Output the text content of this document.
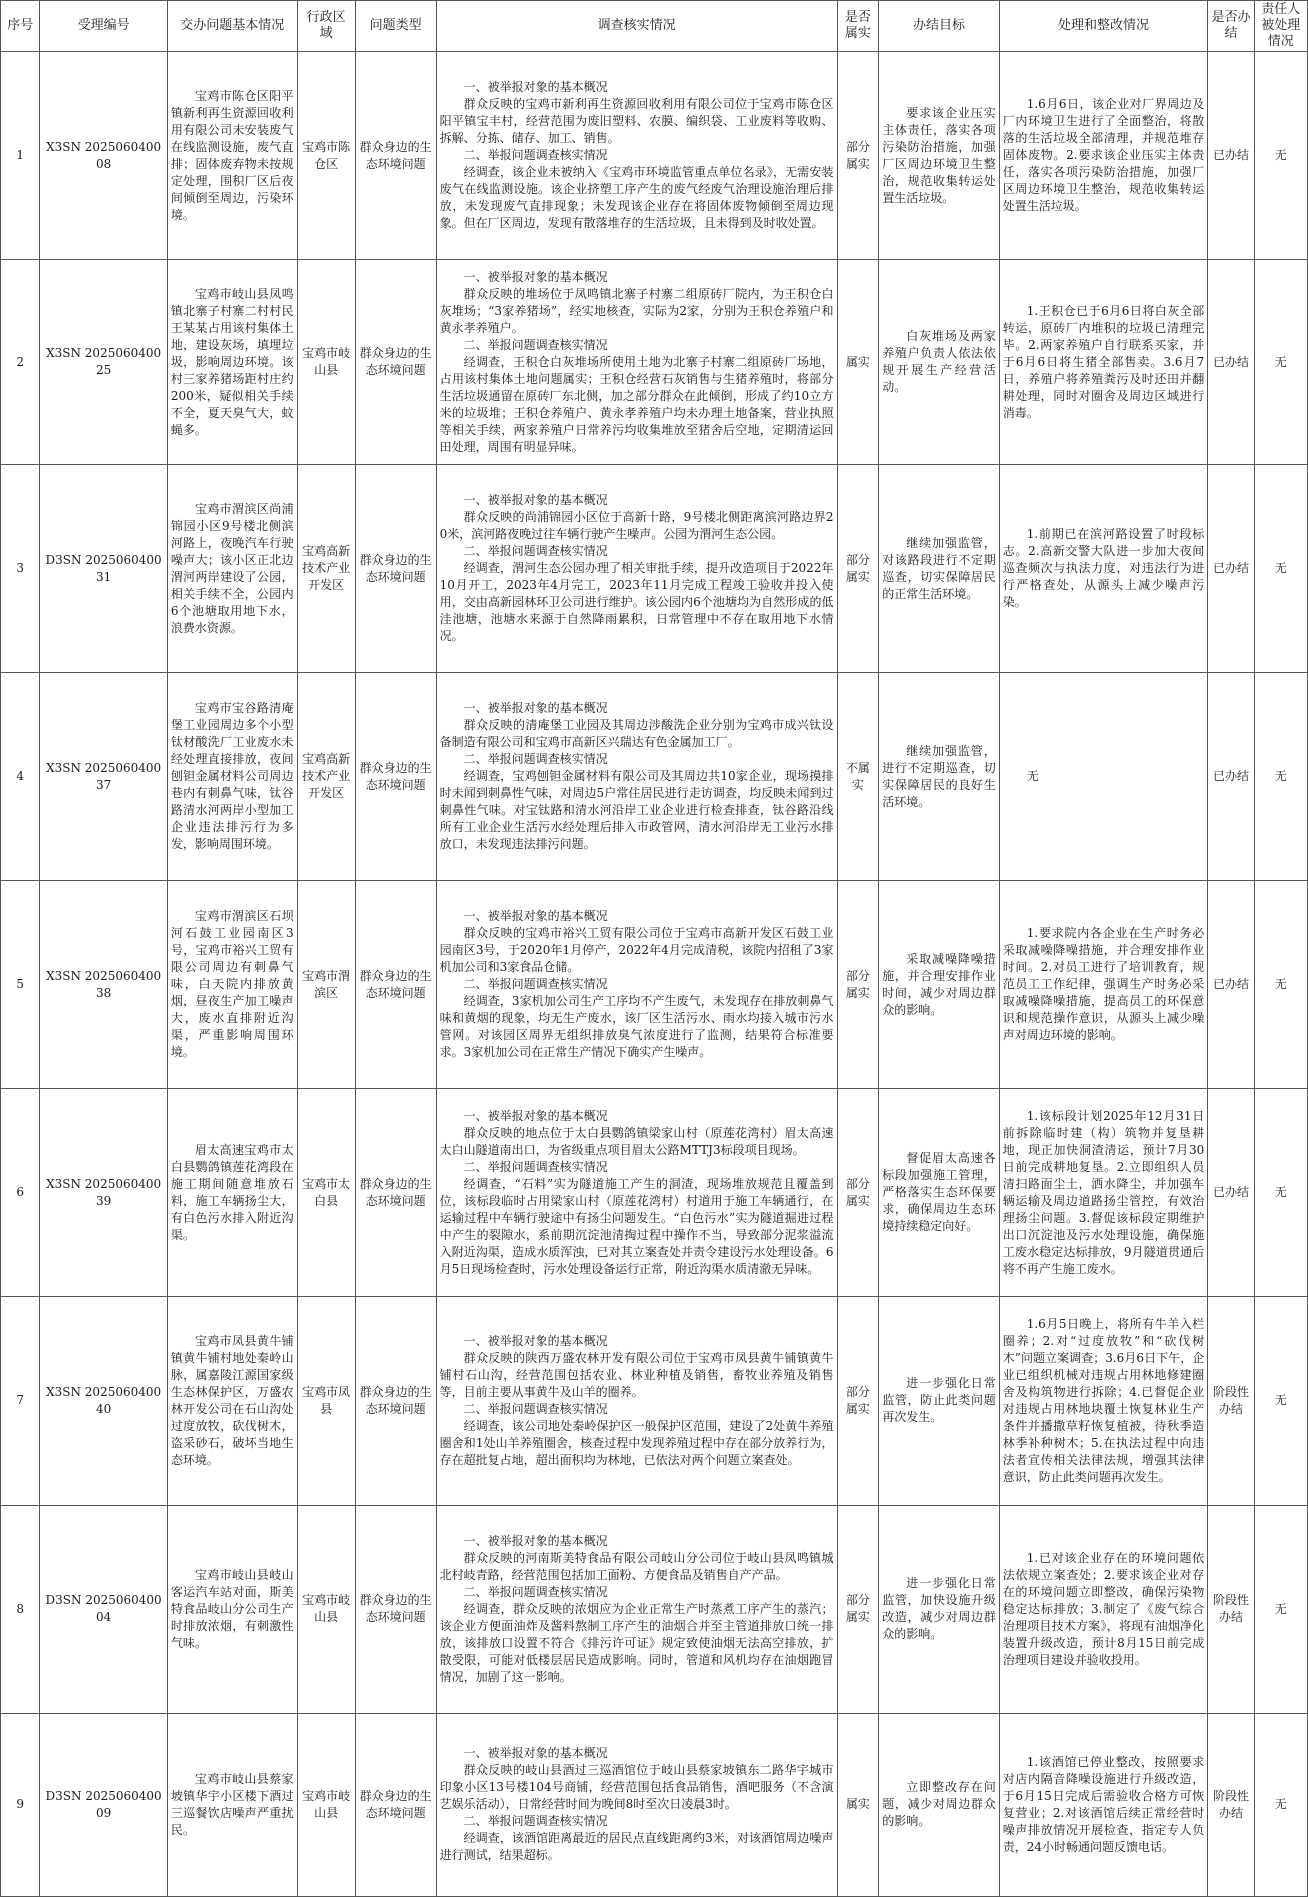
序号	受理编号	交办问题基本情况	行政区域	问题类型	调查核实情况	是否属实	办结目标	处理和整改情况	是否办结	责任人被处理情况
1	X3SN 202506040008	宝鸡市陈仓区阳平镇新利再生资源回收利用有限公司未安装废气在线监测设施，废气直排；固体废弃物未按规定处理，围积厂区后夜间倾倒至周边，污染环境。	宝鸡市陈仓区	群众身边的生态环境问题	一、被举报对象的基本概况
群众反映的宝鸡市新利再生资源回收利用有限公司位于宝鸡市陈仓区阳平镇宝丰村，经营范围为废旧塑料、农膜、编织袋、工业废料等收购、拆解、分拣、储存、加工、销售。
二、举报问题调查核实情况
经调查，该企业未被纳入《宝鸡市环境监管重点单位名录》，无需安装废气在线监测设施。该企业挤塑工序产生的废气经废气治理设施治理后排放，未发现废气直排现象；未发现该企业存在将固体废物倾倒至周边现象。但在厂区周边，发现有散落堆存的生活垃圾，且未得到及时收处置。	部分属实	要求该企业压实主体责任，落实各项污染防治措施，加强厂区周边环境卫生整治，规范收集转运处置生活垃圾。	1.6月6日，该企业对厂界周边及厂内环境卫生进行了全面整治，将散落的生活垃圾全部清理，并规范堆存固体废物。2.要求该企业压实主体责任，落实各项污染防治措施，加强厂区周边环境卫生整治，规范收集转运处置生活垃圾。	已办结	无
2	X3SN 202506040025	宝鸡市岐山县凤鸣镇北寨子村寨二村村民王某某占用该村集体土地，建设灰场，填埋垃圾，影响周边环境。该村三家养猪场距村庄约200米，疑似相关手续不全，夏天臭气大，蚊蝇多。	宝鸡市岐山县	群众身边的生态环境问题	一、被举报对象的基本概况
群众反映的堆场位于凤鸣镇北寨子村寨二组原砖厂院内，为王积仓白灰堆场；“3家养猪场”，经实地核查，实际为2家，分别为王积仓养殖户和黄永孝养殖户。
二、举报问题调查核实情况
经调查，王积仓白灰堆场所使用土地为北寨子村寨二组原砖厂场地，占用该村集体土地问题属实；王积仓经营石灰销售与生猪养殖时，将部分生活垃圾通留在原砖厂东北侧，加之部分群众在此倾倒，形成了约10立方米的垃圾堆；王积仓养殖户、黄永孝养殖户均未办理土地备案，营业执照等相关手续，两家养殖户日常养污均收集堆放至猪舍后空地，定期清运回田处理，周围有明显异味。	属实	白灰堆场及两家养殖户负责人依法依规开展生产经营活动。	1.王积仓已于6月6日将白灰全部转运，原砖厂内堆积的垃圾已清理完毕。2.两家养殖户自行联系买家，并于6月6日将生猪全部售卖。3.6月7日，养殖户将养殖粪污及时还田并翻耕处理，同时对圈舍及周边区域进行消毒。	已办结	无
3	D3SN 202506040031	宝鸡市渭滨区尚浦锦园小区9号楼北侧滨河路上，夜晚汽车行驶噪声大；该小区正北边渭河两岸建设了公园，相关手续不全，公园内6个池塘取用地下水，浪费水资源。	宝鸡高新技术产业开发区	群众身边的生态环境问题	一、被举报对象的基本概况
群众反映的尚浦锦园小区位于高新十路，9号楼北侧距离滨河路边界20米，滨河路夜晚过往车辆行驶产生噪声。公园为渭河生态公园。
二、举报问题调查核实情况
经调查，渭河生态公园办理了相关审批手续，提升改造项目于2022年10月开工，2023年4月完工，2023年11月完成工程竣工验收并投入使用，交由高新园林环卫公司进行维护。该公园内6个池塘均为自然形成的低洼池塘，池塘水来源于自然降雨累积，日常管理中不存在取用地下水情况。	部分属实	继续加强监管，对该路段进行不定期巡查，切实保障居民的正常生活环境。	1.前期已在滨河路设置了时段标志。2.高新交警大队进一步加大夜间巡查频次与执法力度，对违法行为进行严格查处，从源头上减少噪声污染。	已办结	无
4	X3SN 202506040037	宝鸡市宝谷路清庵堡工业园周边多个小型钛材酸洗厂工业废水未经处理直接排放，夜间刨钽金属材料公司周边巷内有刺鼻气味，钛谷路清水河两岸小型加工企业违法排污行为多发，影响周围环境。	宝鸡高新技术产业开发区	群众身边的生态环境问题	一、被举报对象的基本概况
群众反映的清庵堡工业园及其周边涉酸洗企业分别为宝鸡市成兴钛设备制造有限公司和宝鸡市高新区兴瑞达有色金属加工厂。
二、举报问题调查核实情况
经调查，宝鸡刨钽金属材料有限公司及其周边共10家企业，现场摸排时未闻到刺鼻性气味，对周边5户常住居民进行走访调查，均反映未闻到过刺鼻性气味。对宝钛路和清水河沿岸工业企业进行检查排查，钛谷路沿线所有工业企业生活污水经处理后排入市政管网，清水河沿岸无工业污水排放口，未发现违法排污问题。	不属实	继续加强监管，进行不定期巡查，切实保障居民的良好生活环境。	无	已办结	无
5	X3SN 202506040038	宝鸡市渭滨区石坝河石鼓工业园南区3号，宝鸡市裕兴工贸有限公司周边有刺鼻气味，白天院内排放黄烟，昼夜生产加工噪声大，废水直排附近沟渠，严重影响周围环境。	宝鸡市渭滨区	群众身边的生态环境问题	一、被举报对象的基本概况
群众反映的宝鸡市裕兴工贸有限公司位于宝鸡市高新开发区石鼓工业园南区3号，于2020年1月停产，2022年4月完成清税，该院内招租了3家机加公司和3家食品仓储。
二、举报问题调查核实情况
经调查，3家机加公司生产工序均不产生废气，未发现存在排放刺鼻气味和黄烟的现象，均无生产废水，该厂区生活污水、雨水均接入城市污水管网。对该园区周界无组织排放臭气浓度进行了监测，结果符合标准要求。3家机加公司在正常生产情况下确实产生噪声。	部分属实	采取减噪降噪措施，并合理安排作业时间，减少对周边群众的影响。	1.要求院内各企业在生产时务必采取减噪降噪措施，并合理安排作业时间。2.对员工进行了培训教育，规范员工工作纪律，强调生产时务必采取减噪降噪措施，提高员工的环保意识和规范操作意识，从源头上减少噪声对周边环境的影响。	已办结	无
6	X3SN 202506040039	眉太高速宝鸡市太白县鹦鸽镇莲花湾段在施工期间随意堆放石料，施工车辆扬尘大，有白色污水排入附近沟渠。	宝鸡市太白县	群众身边的生态环境问题	一、被举报对象的基本概况
群众反映的地点位于太白县鹦鸽镇梁家山村（原莲花湾村）眉太高速太白山隧道南出口，为省级重点项目眉太公路MTTJ3标段项目现场。
二、举报问题调查核实情况
经调查，“石料”实为隧道施工产生的洞渣，现场堆放规范且覆盖到位，该标段临时占用梁家山村（原莲花湾村）村道用于施工车辆通行，在运输过程中车辆行驶途中有扬尘问题发生。“白色污水”实为隧道掘进过程中产生的裂隙水，系前期沉淀池清掏过程中操作不当，导致部分泥浆溢流入附近沟渠，造成水质浑浊，已对其立案查处并责令建设污水处理设备。6月5日现场检查时，污水处理设备运行正常，附近沟渠水质清澈无异味。	部分属实	督促眉太高速各标段加强施工管理，严格落实生态环保要求，确保周边生态环境持续稳定向好。	1.该标段计划2025年12月31日前拆除临时建（构）筑物并复垦耕地，现正加快洞渣清运，预计7月30日前完成耕地复垦。2.立即组织人员清扫路面尘土，洒水降尘，并加强车辆运输及周边道路扬尘管控，有效治理扬尘问题。3.督促该标段定期维护出口沉淀池及污水处理设施，确保施工废水稳定达标排放，9月隧道贯通后将不再产生施工废水。	已办结	无
7	X3SN 202506040040	宝鸡市凤县黄牛铺镇黄牛铺村地处秦岭山脉，属嘉陵江源国家级生态林保护区，万盛农林开发公司在石山沟处过度放牧，砍伐树木，盗采砂石，破坏当地生态环境。	宝鸡市凤县	群众身边的生态环境问题	一、被举报对象的基本概况
群众反映的陕西万盛农林开发有限公司位于宝鸡市凤县黄牛铺镇黄牛铺村石山沟，经营范围包括农业、林业种植及销售，畜牧业养殖及销售等，目前主要从事黄牛及山羊的圈养。
二、举报问题调查核实情况
经调查，该公司地处秦岭保护区一般保护区范围，建设了2处黄牛养殖圈舍和1处山羊养殖圈舍，核查过程中发现养殖过程中存在部分放养行为，存在超批复占地，超出面积均为林地，已依法对两个问题立案查处。	部分属实	进一步强化日常监管，防止此类问题再次发生。	1.6月5日晚上，将所有牛羊入栏圈养；2.对“过度放牧”和“砍伐树木”问题立案调查；3.6月6日下午，企业已组织机械对违规占用林地修建圈舍及构筑物进行拆除；4.已督促企业对违规占用林地块覆土恢复林业生产条件并播撒草籽恢复植被，待秋季造林季补种树木；5.在执法过程中向违法者宣传相关法律法规，增强其法律意识，防止此类问题再次发生。	阶段性办结	无
8	D3SN 202506040004	宝鸡市岐山县岐山客运汽车站对面，斯美特食品岐山分公司生产时排放浓烟，有刺激性气味。	宝鸡市岐山县	群众身边的生态环境问题	一、被举报对象的基本概况
群众反映的河南斯美特食品有限公司岐山分公司位于岐山县凤鸣镇城北村岐青路，经营范围包括加工面粉、方便食品及销售自产产品。
二、举报问题调查核实情况
经调查，群众反映的浓烟应为企业正常生产时蒸煮工序产生的蒸汽；该企业方便面油炸及酱料熬制工序产生的油烟合并至主管道排放口统一排放，该排放口设置不符合《排污许可证》规定致使油烟无法高空排放，扩散受限，可能对低楼层居民造成影响。同时，管道和风机均存在油烟跑冒情况，加剧了这一影响。	部分属实	进一步强化日常监管，加快设施升级改造，减少对周边群众的影响。	1.已对该企业存在的环境问题依法依规立案查处；2.要求该企业对存在的环境问题立即整改，确保污染物稳定达标排放；3.制定了《废气综合治理项目技术方案》，将现有油烟净化装置升级改造，预计8月15日前完成治理项目建设并验收投用。	阶段性办结	无
9	D3SN 202506040009	宝鸡市岐山县蔡家坡镇华宇小区楼下酒过三巡餐饮店噪声严重扰民。	宝鸡市岐山县	群众身边的生态环境问题	一、被举报对象的基本概况
群众反映的岐山县酒过三巡酒馆位于岐山县蔡家坡镇东二路华宇城市印象小区13号楼104号商铺，经营范围包括食品销售，酒吧服务（不含演艺娱乐活动），日常经营时间为晚间8时至次日凌晨3时。
二、举报问题调查核实情况
经调查，该酒馆距离最近的居民点直线距离约3米，对该酒馆周边噪声进行测试，结果超标。	属实	立即整改存在问题，减少对周边群众的影响。	1.该酒馆已停业整改，按照要求对店内隔音降噪设施进行升级改造，于6月15日完成后需验收合格方可恢复营业；2.对该酒馆后续正常经营时噪声排放情况开展检查，指定专人负责，24小时畅通问题反馈电话。	阶段性办结	无
